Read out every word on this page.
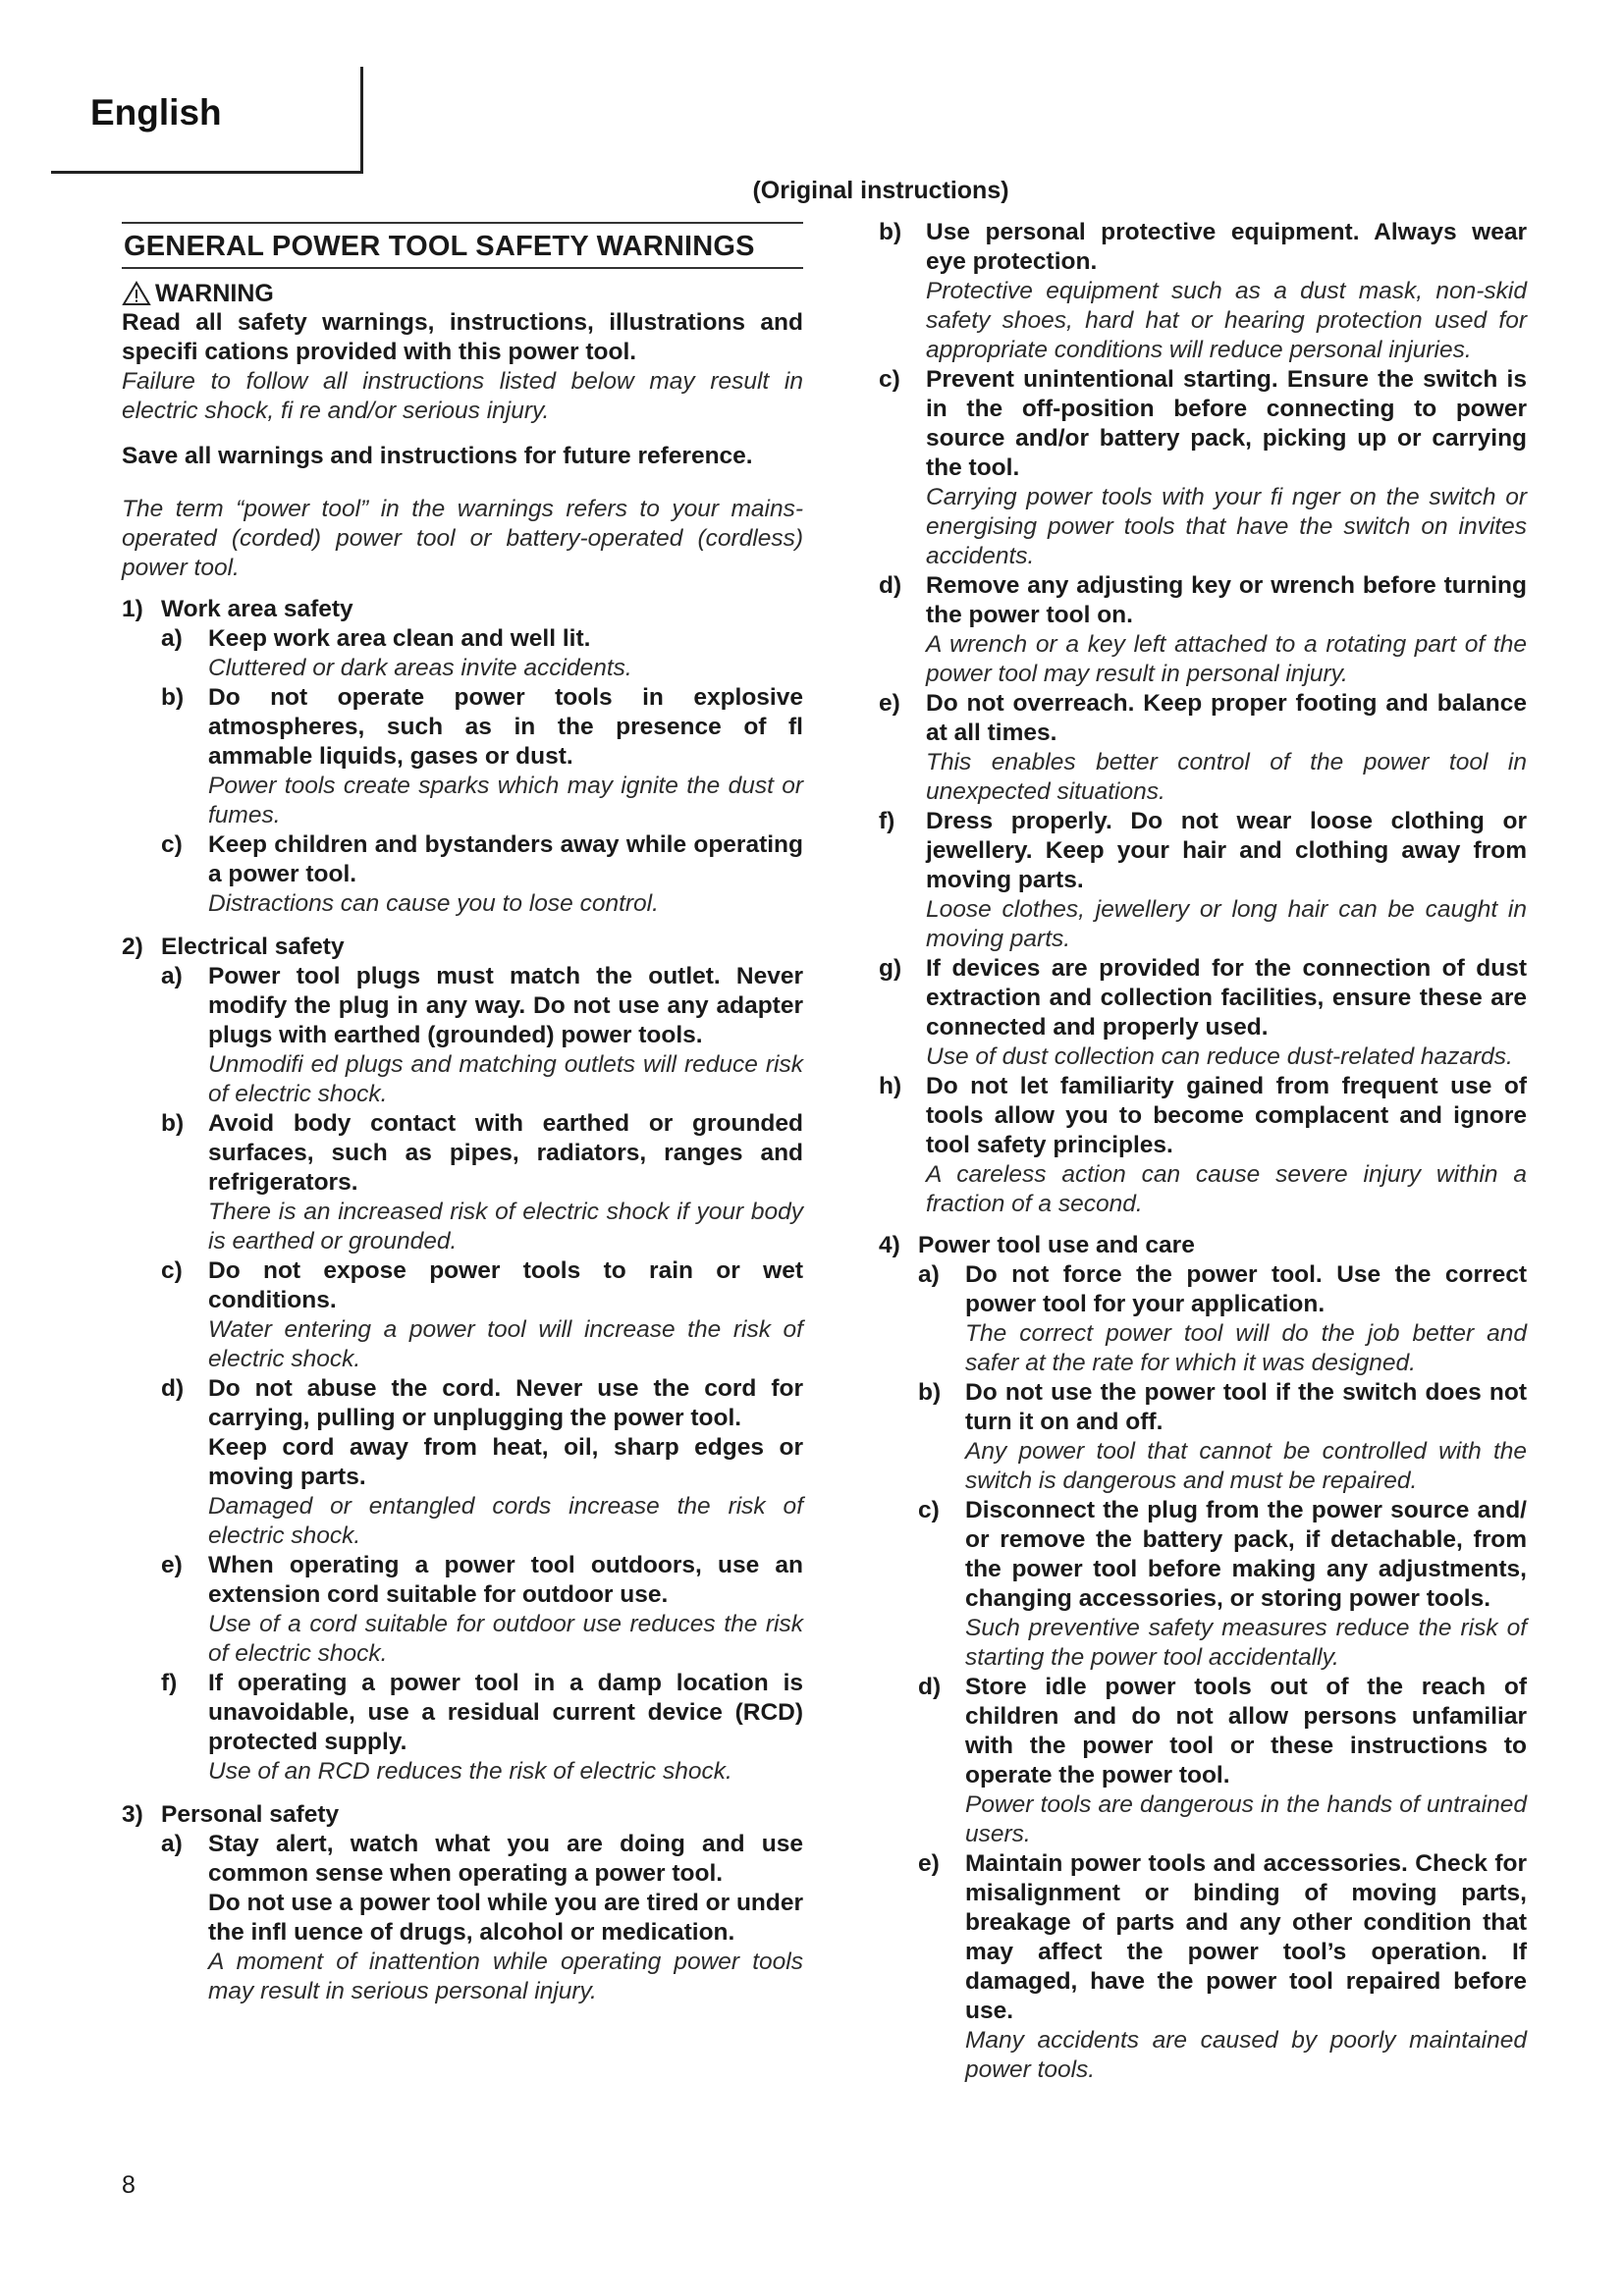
English
(Original instructions)
GENERAL POWER TOOL SAFETY WARNINGS
WARNING
Read all safety warnings, instructions, illustrations and specifi cations provided with this power tool.
Failure to follow all instructions listed below may result in electric shock, fi re and/or serious injury.
Save all warnings and instructions for future reference.
The term “power tool” in the warnings refers to your mains-operated (corded) power tool or battery-operated (cordless) power tool.
1) Work area safety
a)	Keep work area clean and well lit.
Cluttered or dark areas invite accidents.
b)	Do not operate power tools in explosive atmospheres, such as in the presence of fl ammable liquids, gases or dust.
Power tools create sparks which may ignite the dust or fumes.
c)	Keep children and bystanders away while operating a power tool.
Distractions can cause you to lose control.
2) Electrical safety
a)	Power tool plugs must match the outlet. Never modify the plug in any way. Do not use any adapter plugs with earthed (grounded) power tools.
Unmodifi ed plugs and matching outlets will reduce risk of electric shock.
b)	Avoid body contact with earthed or grounded surfaces, such as pipes, radiators, ranges and refrigerators.
There is an increased risk of electric shock if your body is earthed or grounded.
c)	Do not expose power tools to rain or wet conditions.
Water entering a power tool will increase the risk of electric shock.
d)	Do not abuse the cord. Never use the cord for carrying, pulling or unplugging the power tool.
Keep cord away from heat, oil, sharp edges or moving parts.
Damaged or entangled cords increase the risk of electric shock.
e)	When operating a power tool outdoors, use an extension cord suitable for outdoor use.
Use of a cord suitable for outdoor use reduces the risk of electric shock.
f)	If operating a power tool in a damp location is unavoidable, use a residual current device (RCD) protected supply.
Use of an RCD reduces the risk of electric shock.
3) Personal safety
a)	Stay alert, watch what you are doing and use common sense when operating a power tool.
Do not use a power tool while you are tired or under the infl uence of drugs, alcohol or medication.
A moment of inattention while operating power tools may result in serious personal injury.
b)	Use personal protective equipment. Always wear eye protection.
Protective equipment such as a dust mask, non-skid safety shoes, hard hat or hearing protection used for appropriate conditions will reduce personal injuries.
c)	Prevent unintentional starting. Ensure the switch is in the off-position before connecting to power source and/or battery pack, picking up or carrying the tool.
Carrying power tools with your fi nger on the switch or energising power tools that have the switch on invites accidents.
d)	Remove any adjusting key or wrench before turning the power tool on.
A wrench or a key left attached to a rotating part of the power tool may result in personal injury.
e)	Do not overreach. Keep proper footing and balance at all times.
This enables better control of the power tool in unexpected situations.
f)	Dress properly. Do not wear loose clothing or jewellery. Keep your hair and clothing away from moving parts.
Loose clothes, jewellery or long hair can be caught in moving parts.
g)	If devices are provided for the connection of dust extraction and collection facilities, ensure these are connected and properly used.
Use of dust collection can reduce dust-related hazards.
h)	Do not let familiarity gained from frequent use of tools allow you to become complacent and ignore tool safety principles.
A careless action can cause severe injury within a fraction of a second.
4) Power tool use and care
a)	Do not force the power tool. Use the correct power tool for your application.
The correct power tool will do the job better and safer at the rate for which it was designed.
b)	Do not use the power tool if the switch does not turn it on and off.
Any power tool that cannot be controlled with the switch is dangerous and must be repaired.
c)	Disconnect the plug from the power source and/ or remove the battery pack, if detachable, from the power tool before making any adjustments, changing accessories, or storing power tools.
Such preventive safety measures reduce the risk of starting the power tool accidentally.
d)	Store idle power tools out of the reach of children and do not allow persons unfamiliar with the power tool or these instructions to operate the power tool.
Power tools are dangerous in the hands of untrained users.
e)	Maintain power tools and accessories. Check for misalignment or binding of moving parts, breakage of parts and any other condition that may affect the power tool’s operation. If damaged, have the power tool repaired before use.
Many accidents are caused by poorly maintained power tools.
8
